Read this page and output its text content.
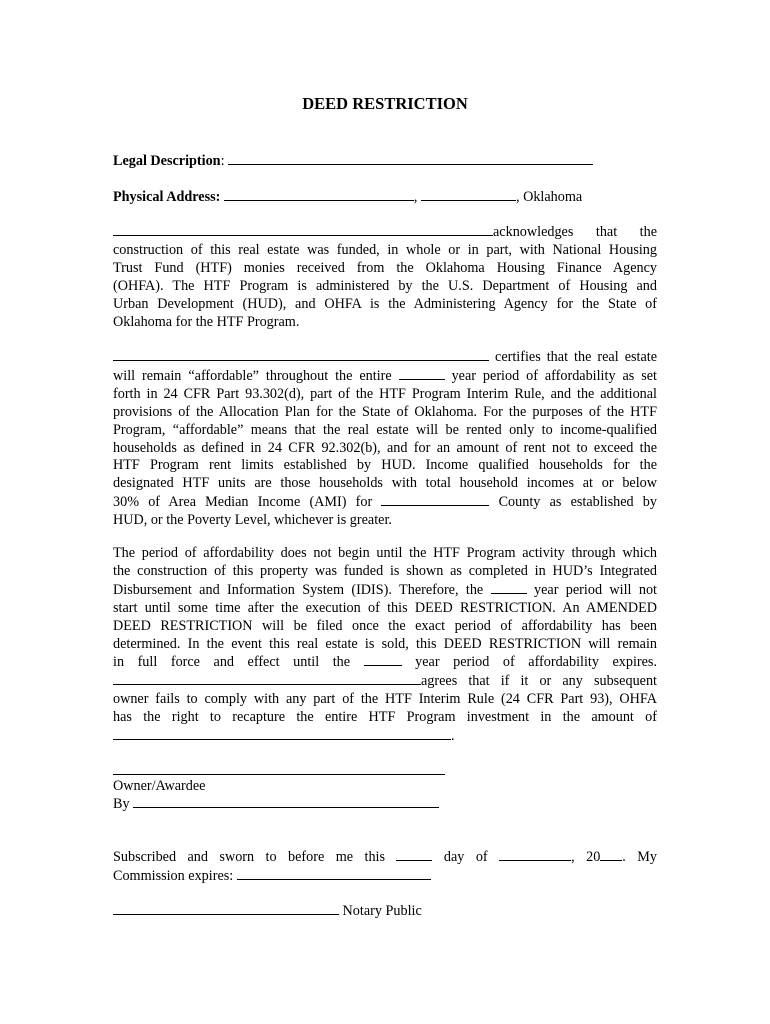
DEED RESTRICTION
Legal Description:
Physical Address:	,	, Oklahoma
acknowledges that the
construction of this real estate was funded, in whole or in part, with National Housing
Trust Fund (HTF) monies received from the Oklahoma Housing Finance Agency
(OHFA). The HTF Program is administered by the U.S. Department of Housing and
Urban Development (HUD), and OHFA is the Administering Agency for the State of
Oklahoma for the HTF Program.
certifies that the real estate
will remain “affordable” throughout the entire	year period of affordability as set
forth in 24 CFR Part 93.302(d), part of the HTF Program Interim Rule, and the additional
provisions of the Allocation Plan for the State of Oklahoma. For the purposes of the HTF
Program, “affordable” means that the real estate will be rented only to income-qualified
households as defined in 24 CFR 92.302(b), and for an amount of rent not to exceed the
HTF Program rent limits established by HUD. Income qualified households for the
designated HTF units are those households with total household incomes at or below
30% of Area Median Income (AMI) for	County as established by
HUD, or the Poverty Level, whichever is greater.
The period of affordability does not begin until the HTF Program activity through which
the construction of this property was funded is shown as completed in HUD’s Integrated
Disbursement and Information System (IDIS). Therefore, the	year period will not
start until some time after the execution of this DEED RESTRICTION. An AMENDED
DEED RESTRICTION will be filed once the exact period of affordability has been
determined. In the event this real estate is sold, this DEED RESTRICTION will remain
in full force and effect until the	year period of affordability expires.
agrees that if it or any subsequent
owner fails to comply with any part of the HTF Interim Rule (24 CFR Part 93), OHFA
has the right to recapture the entire HTF Program investment in the amount of
.
Owner/Awardee
By
Subscribed and sworn to before me this	day of	, 20 . My
Commission expires:
Notary Public
